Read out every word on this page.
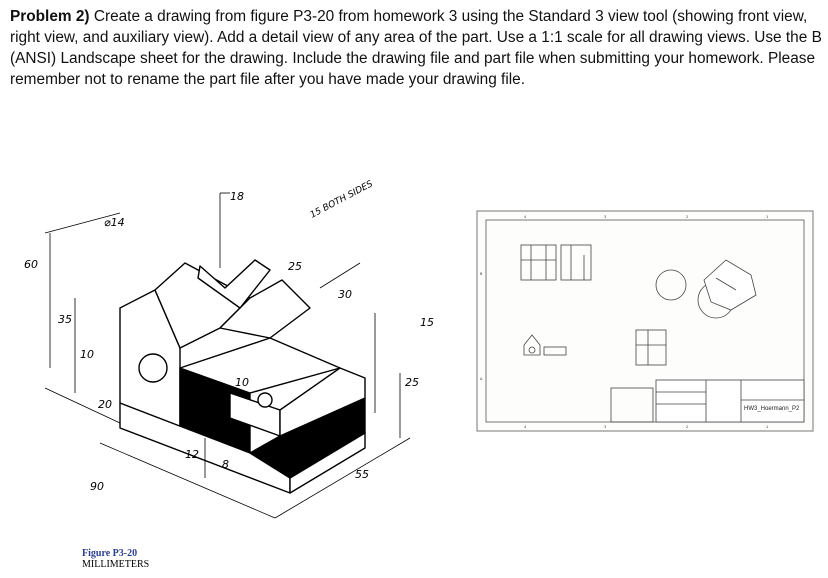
Problem 2) Create a drawing from figure P3-20 from homework 3 using the Standard 3 view tool (showing front view, right view, and auxiliary view). Add a detail view of any area of the part. Use a 1:1 scale for all drawing views. Use the B (ANSI) Landscape sheet for the drawing. Include the drawing file and part file when submitting your homework. Please remember not to rename the part file after you have made your drawing file.
18
⌀14
15 BOTH SIDES
25
30
60
35
10
20
15
25
10
12
8
90
55
Figure P3-20
MILLIMETERS
4	3	2	1
B
A
4	3	2	1
HW3_Hoermann_P2
